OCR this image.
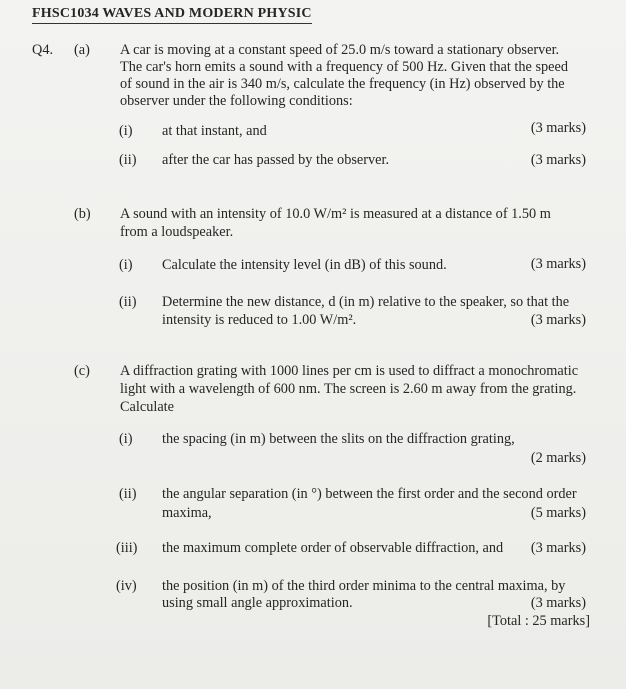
FHSC1034 WAVES AND MODERN PHYSIC
Q4. (a) A car is moving at a constant speed of 25.0 m/s toward a stationary observer.
The car's horn emits a sound with a frequency of 500 Hz. Given that the speed
of sound in the air is 340 m/s, calculate the frequency (in Hz) observed by the
observer under the following conditions:
(i) at that instant, and	(3 marks)
(ii) after the car has passed by the observer.	(3 marks)
(b) A sound with an intensity of 10.0 W/m² is measured at a distance of 1.50 m
from a loudspeaker.
(i) Calculate the intensity level (in dB) of this sound.	(3 marks)
(ii) Determine the new distance, d (in m) relative to the speaker, so that the
intensity is reduced to 1.00 W/m².	(3 marks)
(c) A diffraction grating with 1000 lines per cm is used to diffract a monochromatic
light with a wavelength of 600 nm. The screen is 2.60 m away from the grating.
Calculate
(i) the spacing (in m) between the slits on the diffraction grating,
(2 marks)
(ii) the angular separation (in °) between the first order and the second order
maxima,	(5 marks)
(iii) the maximum complete order of observable diffraction, and (3 marks)
(iv) the position (in m) of the third order minima to the central maxima, by
using small angle approximation.	(3 marks)
[Total : 25 marks]
